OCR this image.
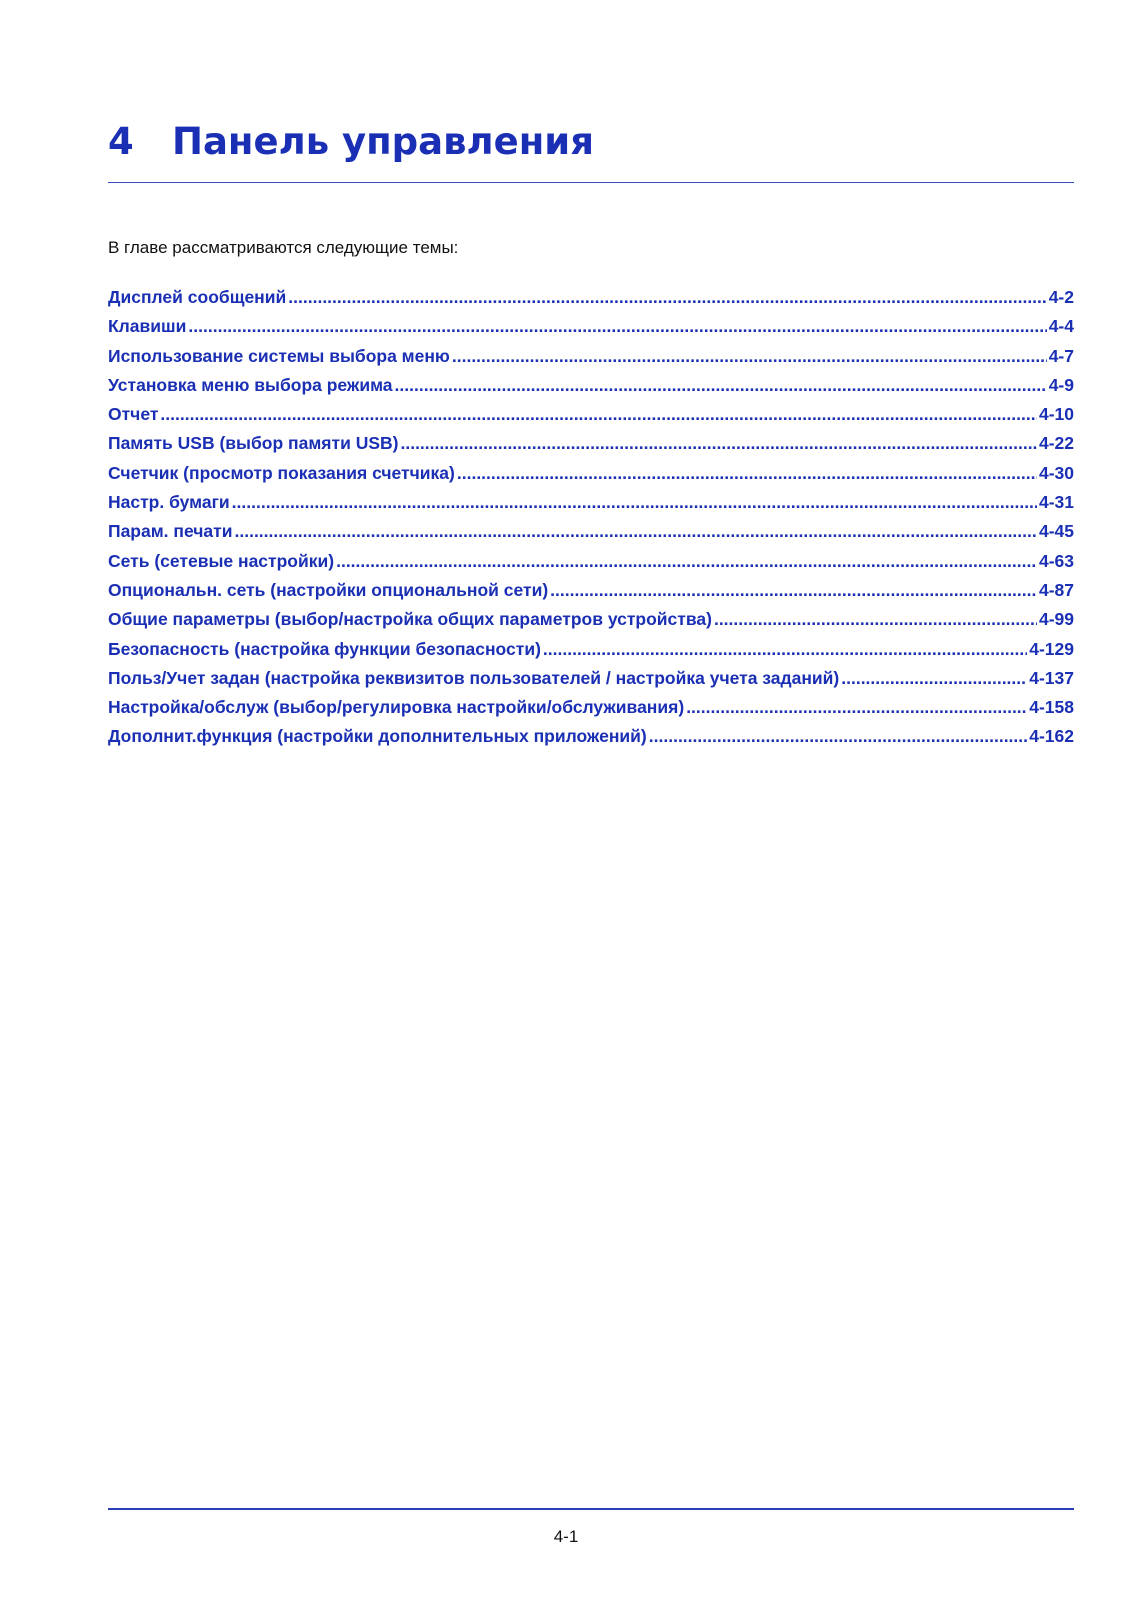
4 Панель управления

В главе рассматриваются следующие темы:

Дисплей сообщений .....	4-2
Клавиши .....	4-4
Использование системы выбора меню .....	4-7
Установка меню выбора режима .....	4-9
Отчет .....	4-10
Память USB (выбор памяти USB) .....	4-22
Счетчик (просмотр показания счетчика) .....	4-30
Настр. бумаги .....	4-31
Парам. печати .....	4-45
Сеть (сетевые настройки) .....	4-63
Опциональн. сеть (настройки опциональной сети) .....	4-87
Общие параметры (выбор/настройка общих параметров устройства) .....	4-99
Безопасность (настройка функции безопасности) .....	4-129
Польз/Учет задан (настройка реквизитов пользователей / настройка учета заданий) .....	4-137
Настройка/обслуж (выбор/регулировка настройки/обслуживания) .....	4-158
Дополнит.функция (настройки дополнительных приложений) .....	4-162
4-1
